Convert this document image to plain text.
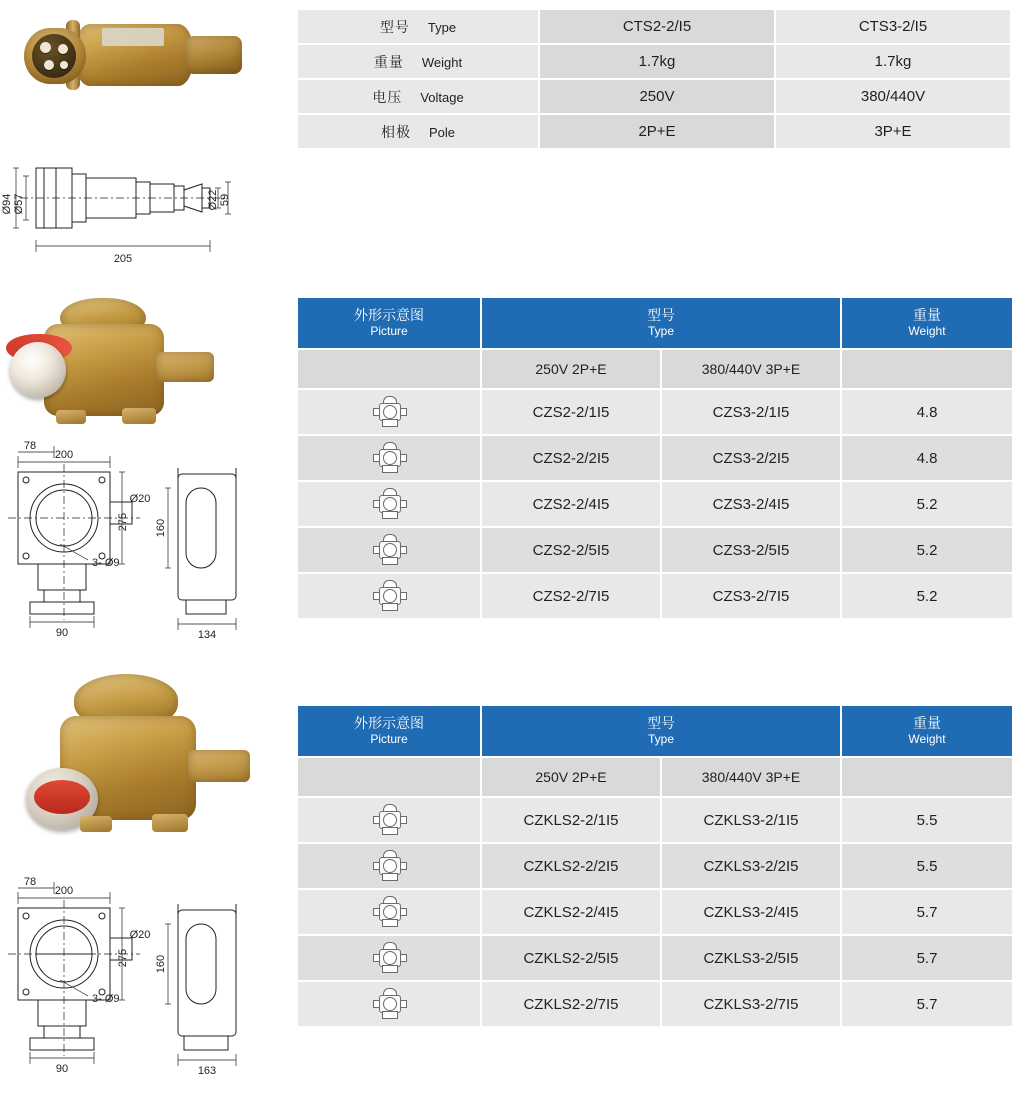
Ø94 Ø57	Ø22 59
205
型号 Type	CTS2-2/I5	CTS3-2/I5
重量 Weight	1.7kg	1.7kg
电压 Voltage	250V	380/440V
相极 Pole	2P+E	3P+E
200
78
275
Ø20
3- Ø9
90
160
134
外形示意图
Picture	型号
Type		重量
Weight

	250V 2P+E	380/440V 3P+E	

	CZS2-2/1I5	CZS3-2/1I5	4.8

	CZS2-2/2I5	CZS3-2/2I5	4.8

	CZS2-2/4I5	CZS3-2/4I5	5.2

	CZS2-2/5I5	CZS3-2/5I5	5.2

	CZS2-2/7I5	CZS3-2/7I5	5.2
200
78
275
Ø20
3- Ø9
90
160
163
外形示意图
Picture	型号
Type		重量
Weight

	250V 2P+E	380/440V 3P+E	

	CZKLS2-2/1I5	CZKLS3-2/1I5	5.5

	CZKLS2-2/2I5	CZKLS3-2/2I5	5.5

	CZKLS2-2/4I5	CZKLS3-2/4I5	5.7

	CZKLS2-2/5I5	CZKLS3-2/5I5	5.7

	CZKLS2-2/7I5	CZKLS3-2/7I5	5.7
